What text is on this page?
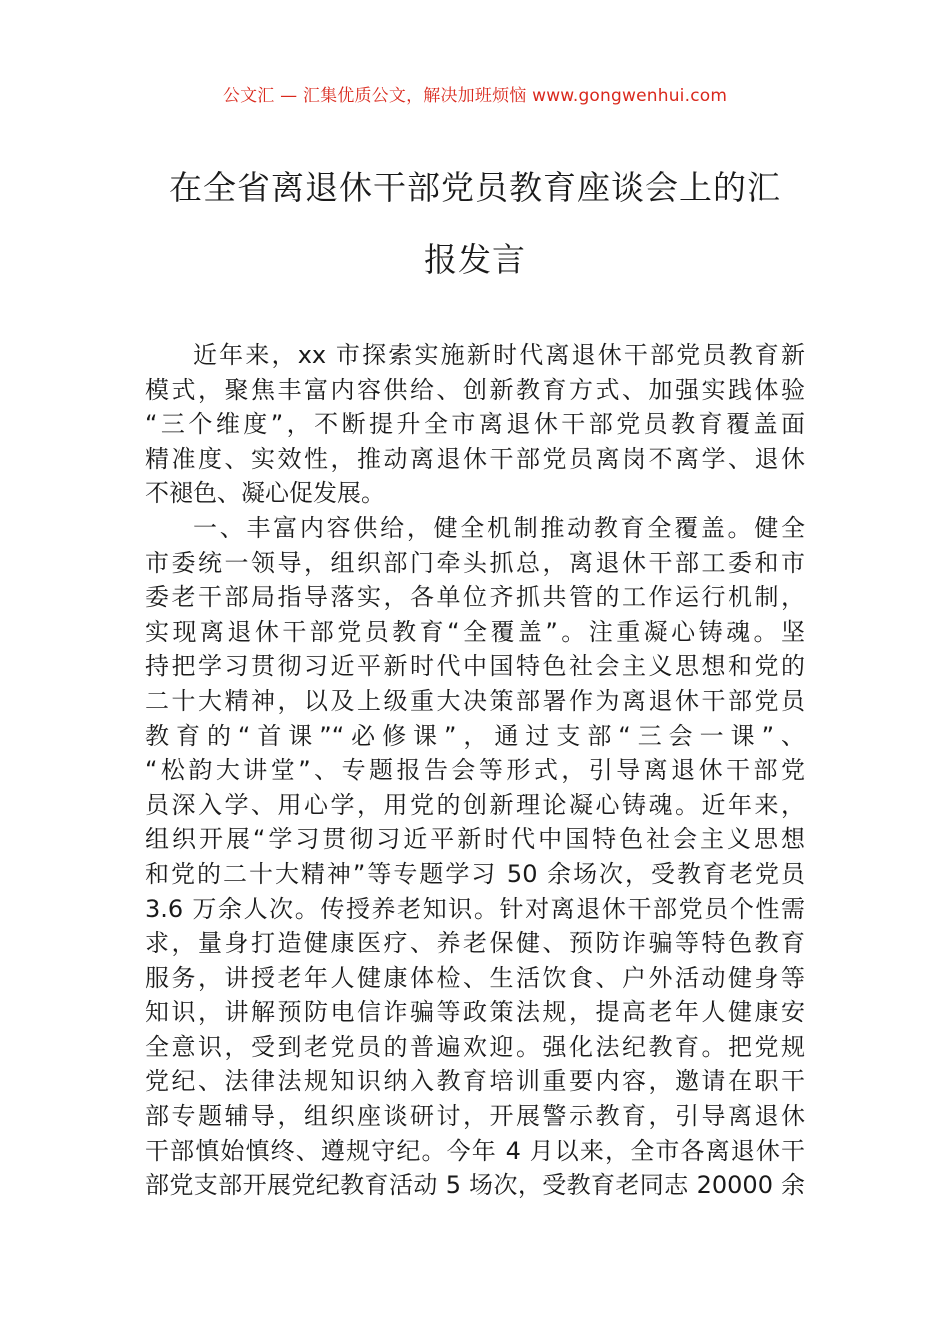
公文汇 — 汇集优质公文，解决加班烦恼 www.gongwenhui.com
在全省离退休干部党员教育座谈会上的汇
报发言
近年来，xx 市探索实施新时代离退休干部党员教育新
模式，聚焦丰富内容供给、创新教育方式、加强实践体验
“三个维度”，不断提升全市离退休干部党员教育覆盖面
精准度、实效性，推动离退休干部党员离岗不离学、退休
不褪色、凝心促发展。
一、丰富内容供给，健全机制推动教育全覆盖。健全
市委统一领导，组织部门牵头抓总，离退休干部工委和市
委老干部局指导落实，各单位齐抓共管的工作运行机制，
实现离退休干部党员教育“全覆盖”。注重凝心铸魂。坚
持把学习贯彻习近平新时代中国特色社会主义思想和党的
二十大精神，以及上级重大决策部署作为离退休干部党员
教育的“首课”“必修课”，通过支部“三会一课”、
“松韵大讲堂”、专题报告会等形式，引导离退休干部党
员深入学、用心学，用党的创新理论凝心铸魂。近年来，
组织开展“学习贯彻习近平新时代中国特色社会主义思想
和党的二十大精神”等专题学习 50 余场次，受教育老党员
3.6 万余人次。传授养老知识。针对离退休干部党员个性需
求，量身打造健康医疗、养老保健、预防诈骗等特色教育
服务，讲授老年人健康体检、生活饮食、户外活动健身等
知识，讲解预防电信诈骗等政策法规，提高老年人健康安
全意识，受到老党员的普遍欢迎。强化法纪教育。把党规
党纪、法律法规知识纳入教育培训重要内容，邀请在职干
部专题辅导，组织座谈研讨，开展警示教育，引导离退休
干部慎始慎终、遵规守纪。今年 4 月以来，全市各离退休干
部党支部开展党纪教育活动 5 场次，受教育老同志 20000 余
